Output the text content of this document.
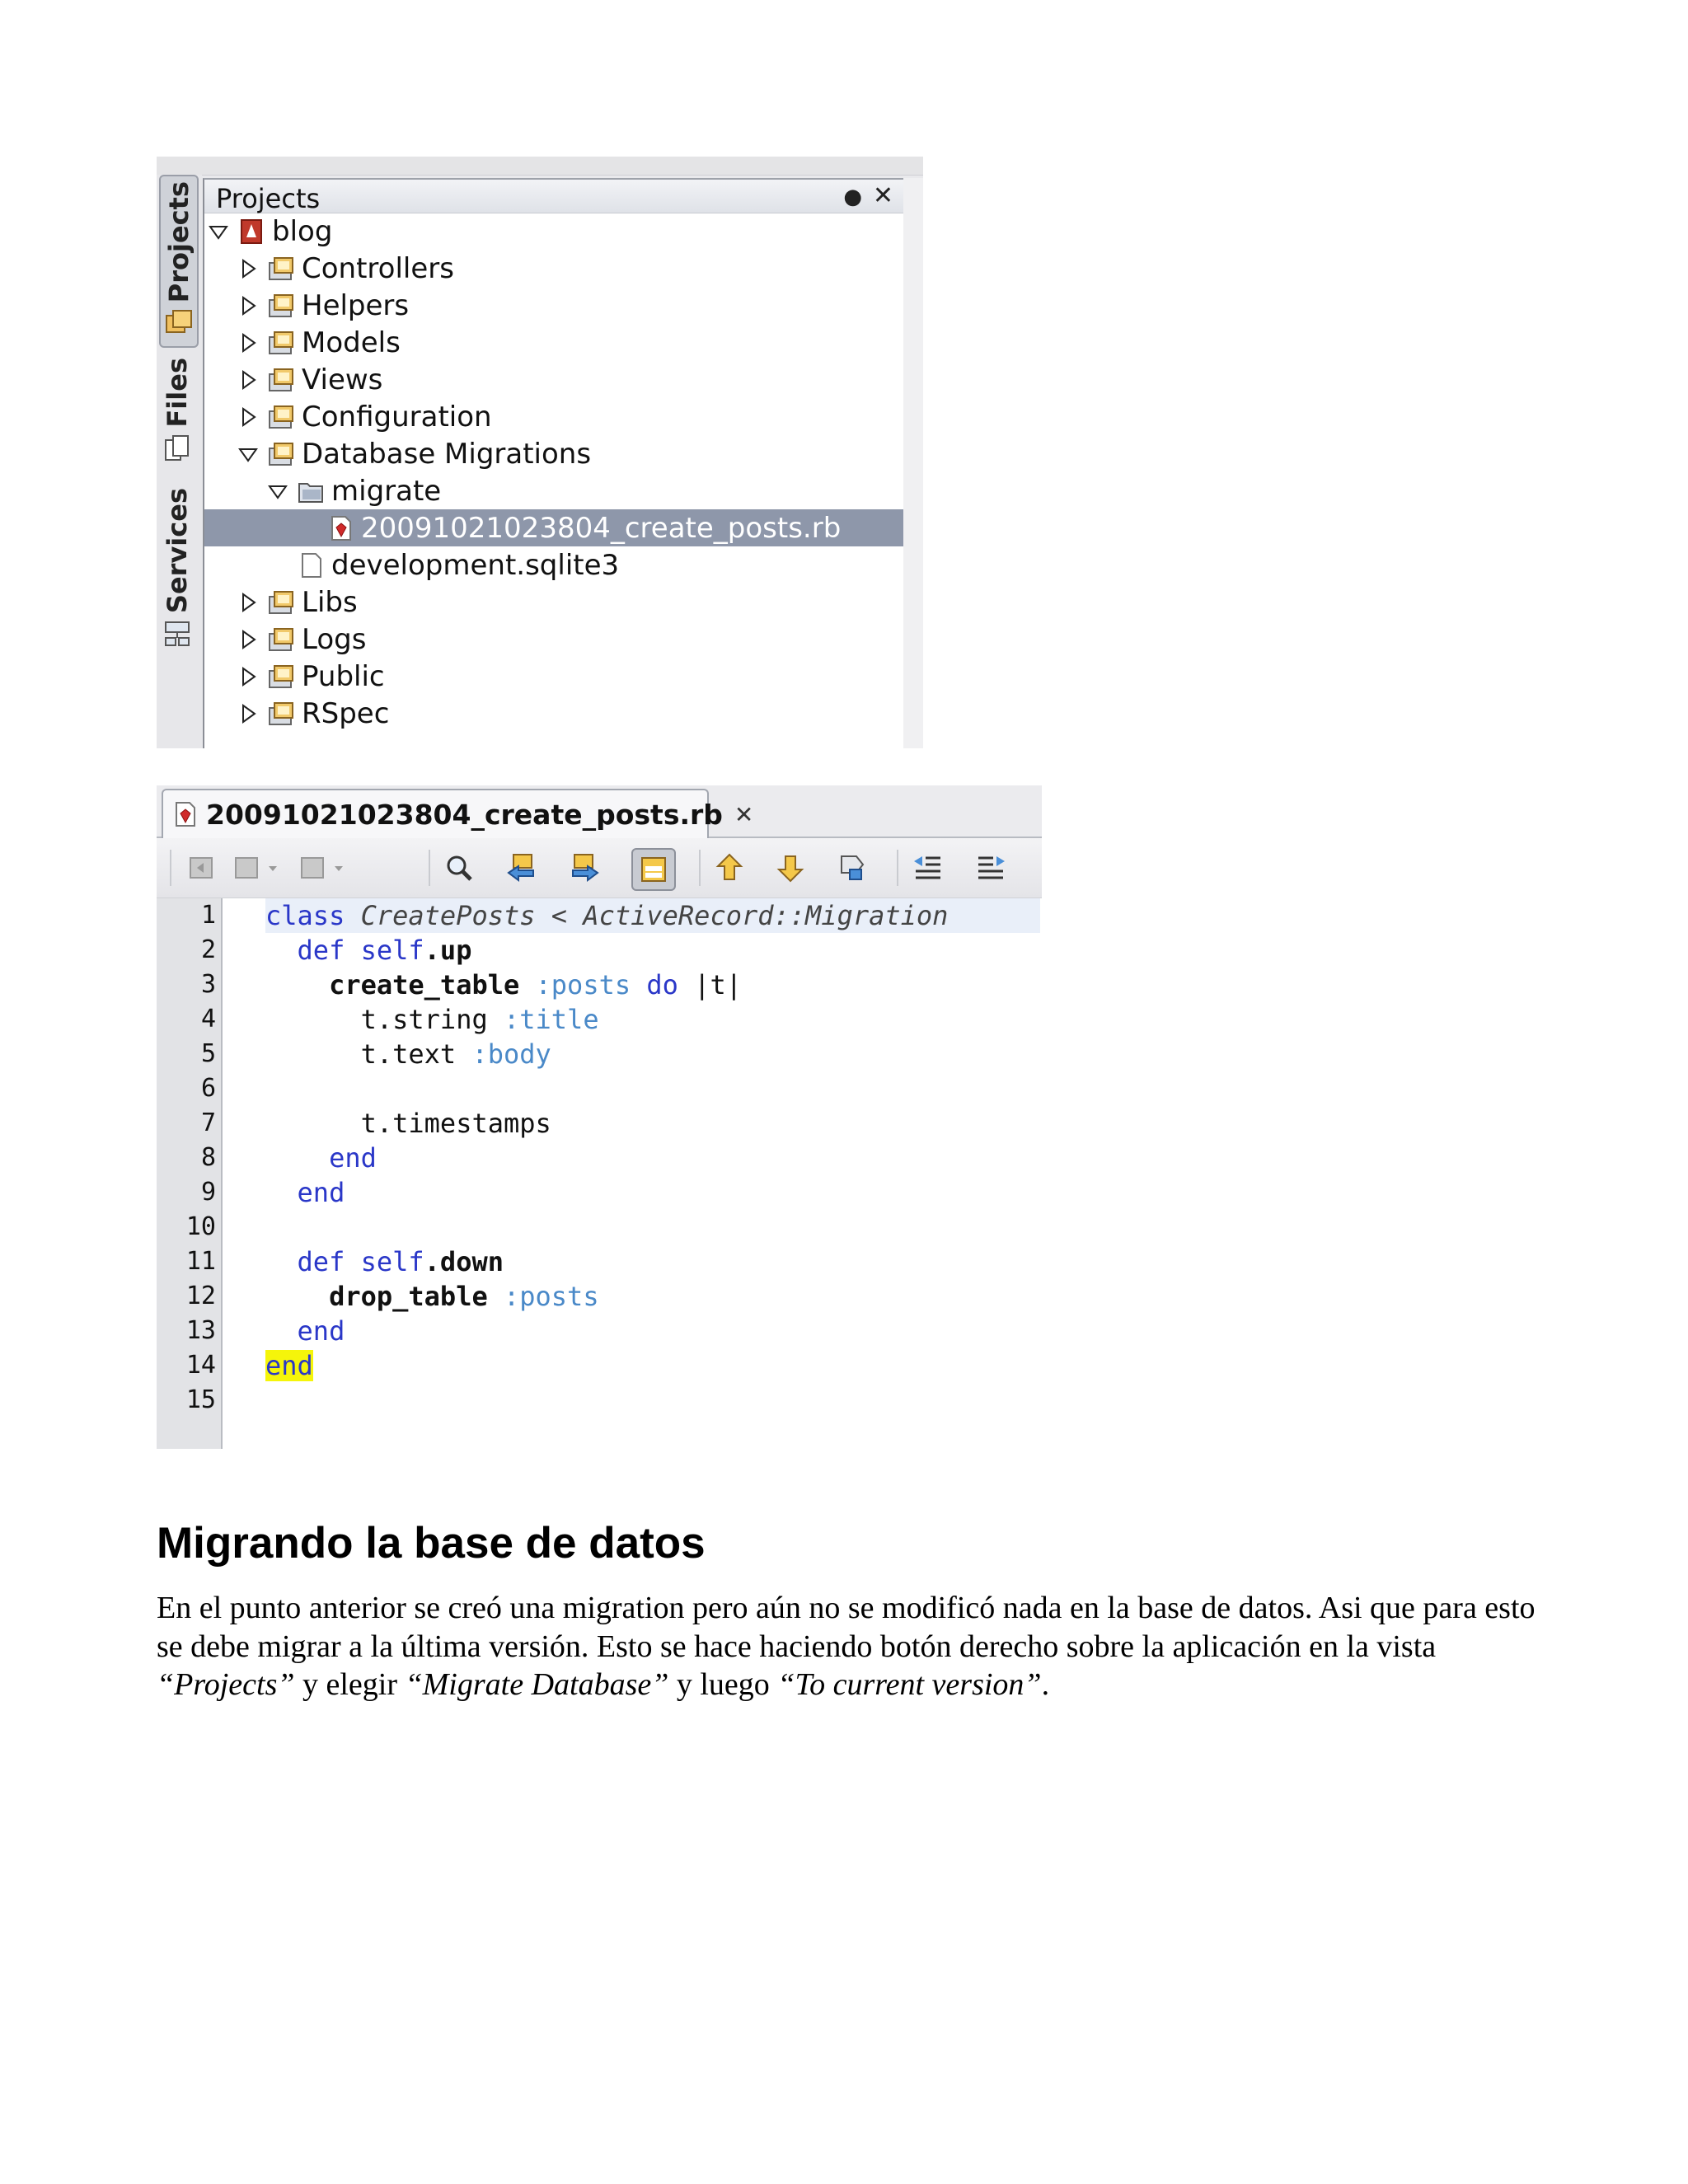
Projects
Files
Services
Projects	● ✕
blog
Controllers
Helpers
Models
Views
Configuration
Database Migrations
migrate
20091021023804_create_posts.rb
development.sqlite3
Libs
Logs
Public
RSpec
20091021023804_create_posts.rb ✕
1
2
3
4
5
6
7
8
9
10
11
12
13
14
15
class CreatePosts < ActiveRecord::Migration
def self.up
create_table :posts do |t|
t.string :title
t.text :body
t.timestamps
end
end
def self.down
drop_table :posts
end
end
Migrando la base de datos

En el punto anterior se creó una migration pero aún no se modificó nada en la base de datos. Asi que para esto se debe migrar a la última versión. Esto se hace haciendo botón derecho sobre la aplicación en la vista “Projects” y elegir “Migrate Database” y luego “To current version”.
